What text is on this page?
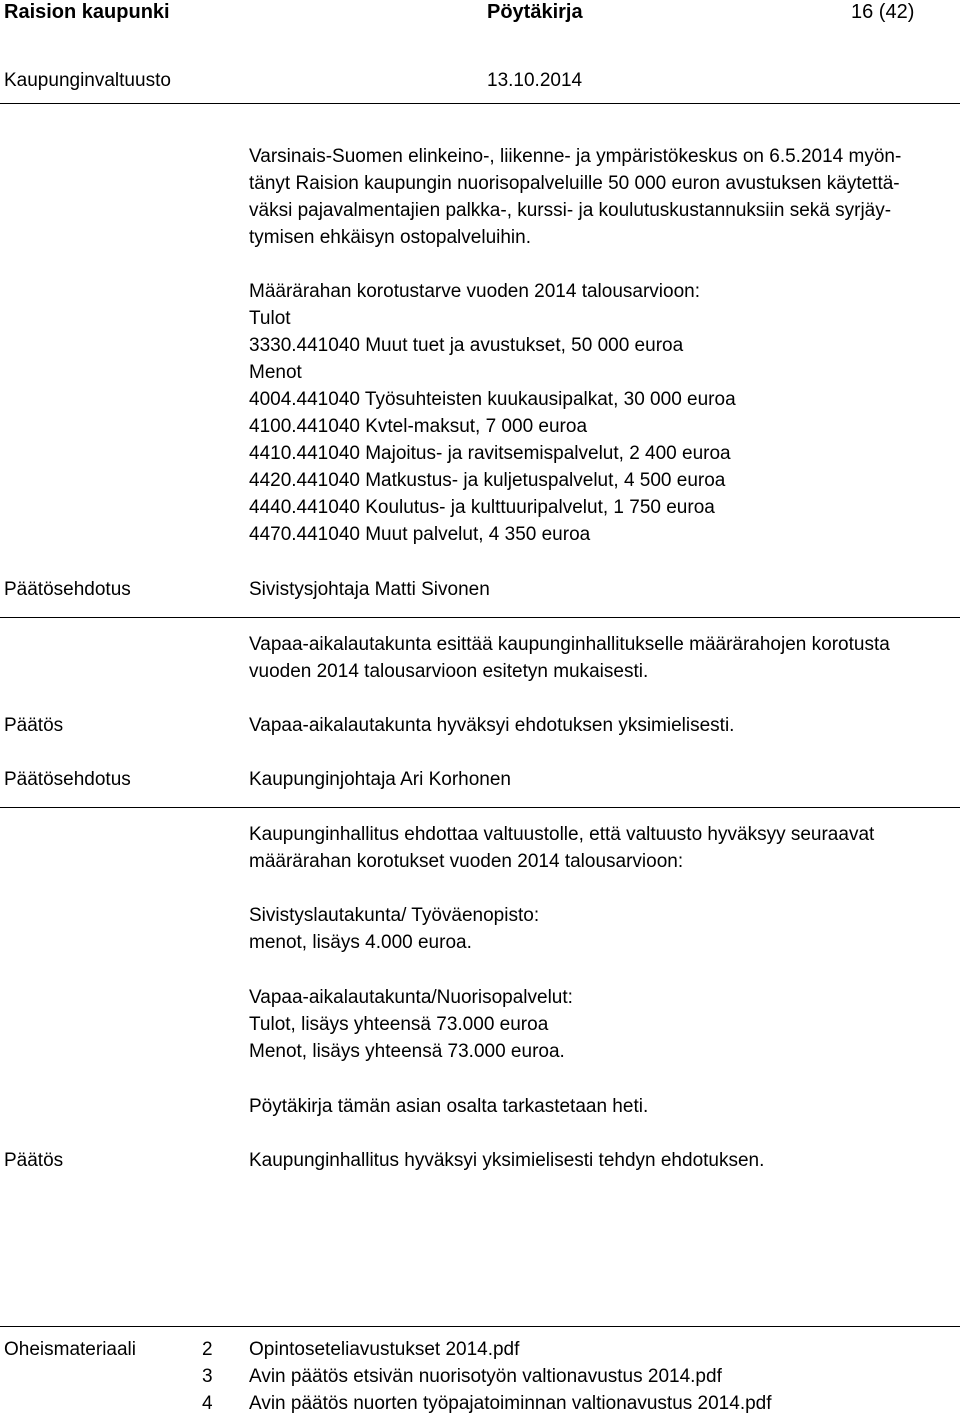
Raision kaupunki	Pöytäkirja	16 (42)
Kaupunginvaltuusto	13.10.2014
Varsinais-Suomen elinkeino-, liikenne- ja ympäristökeskus on 6.5.2014 myön-
tänyt Raision kaupungin nuorisopalveluille 50 000 euron avustuksen käytettä-
väksi pajavalmentajien palkka-, kurssi- ja koulutuskustannuksiin sekä syrjäy-
tymisen ehkäisyn ostopalveluihin.
Määrärahan korotustarve vuoden 2014 talousarvioon:
Tulot
3330.441040 Muut tuet ja avustukset, 50 000 euroa
Menot
4004.441040 Työsuhteisten kuukausipalkat, 30 000 euroa
4100.441040 Kvtel-maksut, 7 000 euroa
4410.441040 Majoitus- ja ravitsemispalvelut, 2 400 euroa
4420.441040 Matkustus- ja kuljetuspalvelut, 4 500 euroa
4440.441040 Koulutus- ja kulttuuripalvelut, 1 750 euroa
4470.441040 Muut palvelut, 4 350 euroa
Päätösehdotus	Sivistysjohtaja Matti Sivonen
Vapaa-aikalautakunta esittää kaupunginhallitukselle määrärahojen korotusta
vuoden 2014 talousarvioon esitetyn mukaisesti.
Päätös	Vapaa-aikalautakunta hyväksyi ehdotuksen yksimielisesti.
Päätösehdotus	Kaupunginjohtaja Ari Korhonen
Kaupunginhallitus ehdottaa valtuustolle, että valtuusto hyväksyy seuraavat
määrärahan korotukset vuoden 2014 talousarvioon:
Sivistyslautakunta/ Työväenopisto:
menot, lisäys 4.000 euroa.
Vapaa-aikalautakunta/Nuorisopalvelut:
Tulot, lisäys yhteensä 73.000 euroa
Menot, lisäys yhteensä 73.000 euroa.
Pöytäkirja tämän asian osalta tarkastetaan heti.
Päätös	Kaupunginhallitus hyväksyi yksimielisesti tehdyn ehdotuksen.
Oheismateriaali	2 Opintoseteliavustukset 2014.pdf
3 Avin päätös etsivän nuorisotyön valtionavustus 2014.pdf
4 Avin päätös nuorten työpajatoiminnan valtionavustus 2014.pdf
